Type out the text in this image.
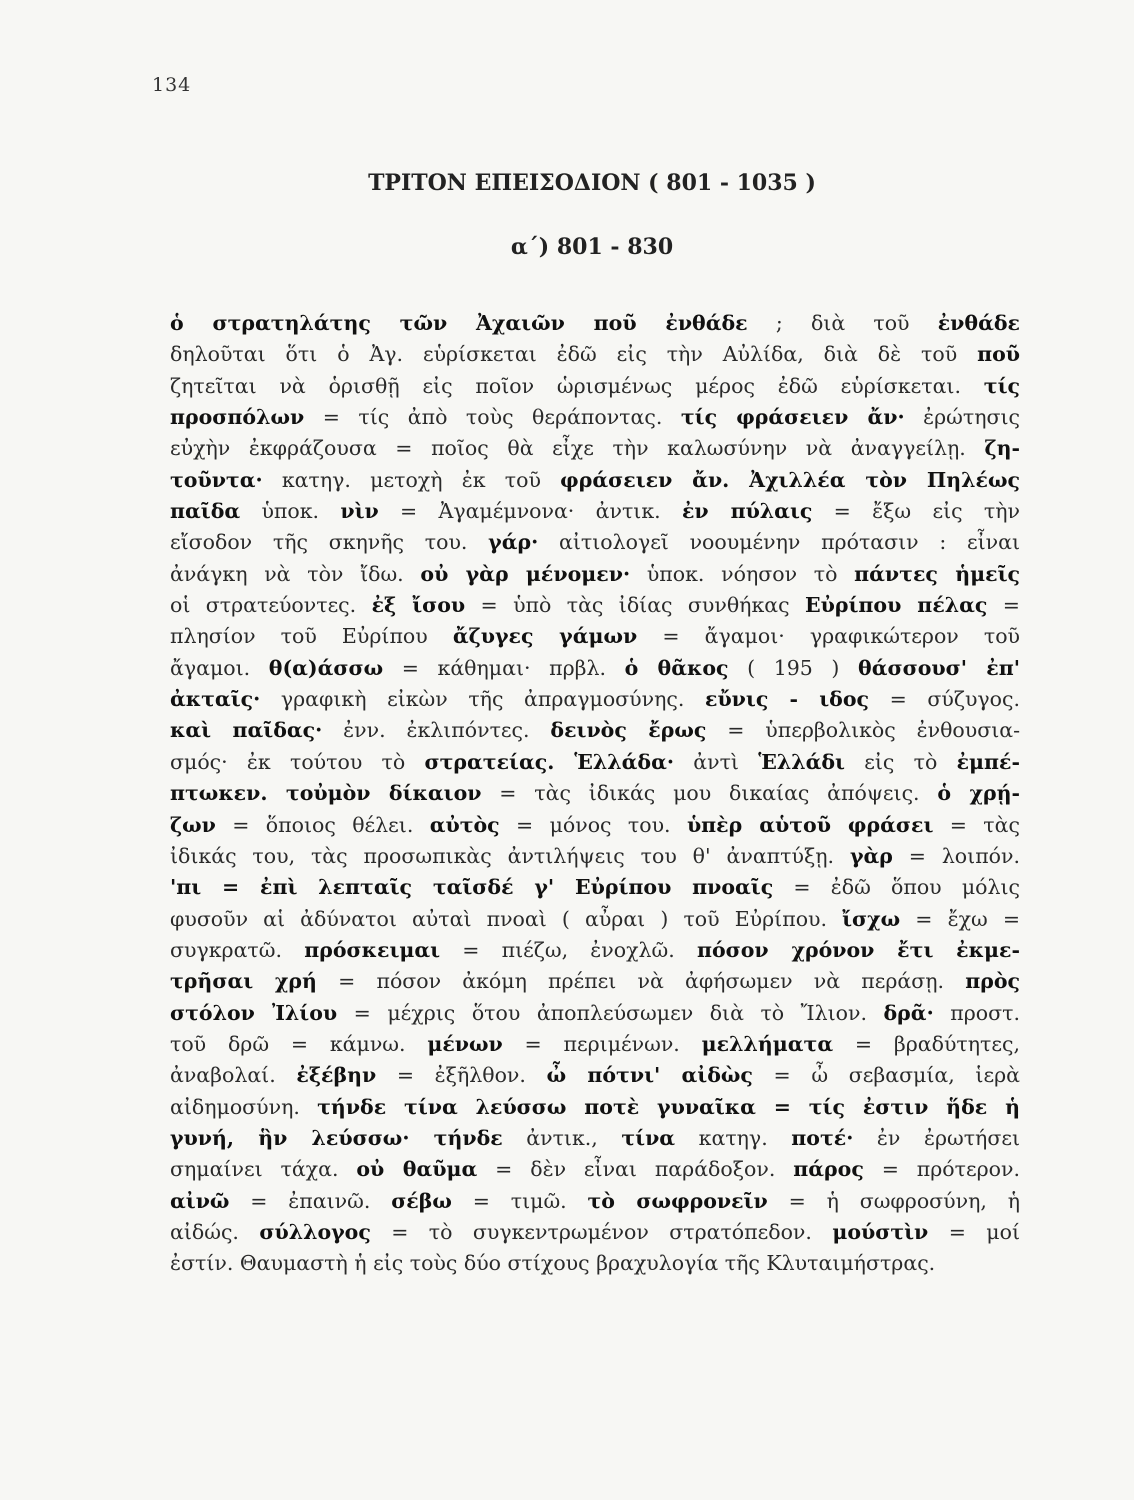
134
ΤΡΙΤΟΝ ΕΠΕΙΣΟΔΙΟΝ ( 801 - 1035 )
α΄) 801 - 830
ὁ στρατηλάτης τῶν Ἀχαιῶν ποῦ ἐνθάδε ; διὰ τοῦ ἐνθάδε
δηλοῦται ὅτι ὁ Ἀγ. εὑρίσκεται ἐδῶ εἰς τὴν Αὐλίδα, διὰ δὲ τοῦ ποῦ
ζητεῖται νὰ ὁρισθῇ εἰς ποῖον ὡρισμένως μέρος ἐδῶ εὑρίσκεται. τίς
προσπόλων = τίς ἀπὸ τοὺς θεράποντας. τίς φράσειεν ἄν· ἐρώτησις
εὐχὴν ἐκφράζουσα = ποῖος θὰ εἶχε τὴν καλωσύνην νὰ ἀναγγείλῃ. ζη-
τοῦντα· κατηγ. μετοχὴ ἐκ τοῦ φράσειεν ἄν. Ἀχιλλέα τὸν Πηλέως
παῖδα ὑποκ. νὶν = Ἀγαμέμνονα· ἀντικ. ἐν πύλαις = ἔξω εἰς τὴν
εἴσοδον τῆς σκηνῆς του. γάρ· αἰτιολογεῖ νοουμένην πρότασιν : εἶναι
ἀνάγκη νὰ τὸν ἴδω. οὐ γὰρ μένομεν· ὑποκ. νόησον τὸ πάντες ἡμεῖς
οἱ στρατεύοντες. ἐξ ἴσου = ὑπὸ τὰς ἰδίας συνθήκας Εὐρίπου πέλας =
πλησίον τοῦ Εὐρίπου ἄζυγες γάμων = ἄγαμοι· γραφικώτερον τοῦ
ἄγαμοι. θ(α)άσσω = κάθημαι· πρβλ. ὁ θᾶκος ( 195 ) θάσσουσ' ἐπ'
ἀκταῖς· γραφικὴ εἰκὼν τῆς ἀπραγμοσύνης. εὔνις - ιδος = σύζυγος.
καὶ παῖδας· ἐνν. ἐκλιπόντες. δεινὸς ἔρως = ὑπερβολικὸς ἐνθουσια-
σμός· ἐκ τούτου τὸ στρατείας. Ἑλλάδα· ἀντὶ Ἑλλάδι εἰς τὸ ἐμπέ-
πτωκεν. τοὐμὸν δίκαιον = τὰς ἰδικάς μου δικαίας ἀπόψεις. ὁ χρῄ-
ζων = ὅποιος θέλει. αὐτὸς = μόνος του. ὑπὲρ αὑτοῦ φράσει = τὰς
ἰδικάς του, τὰς προσωπικὰς ἀντιλήψεις του θ' ἀναπτύξῃ. γὰρ = λοιπόν.
'πι = ἐπὶ λεπταῖς ταῖσδέ γ' Εὐρίπου πνοαῖς = ἐδῶ ὅπου μόλις
φυσοῦν αἱ ἀδύνατοι αὐταὶ πνοαὶ ( αὖραι ) τοῦ Εὐρίπου. ἴσχω = ἔχω =
συγκρατῶ. πρόσκειμαι = πιέζω, ἐνοχλῶ. πόσον χρόνον ἔτι ἐκμε-
τρῆσαι χρή = πόσον ἀκόμη πρέπει νὰ ἀφήσωμεν νὰ περάσῃ. πρὸς
στόλον Ἰλίου = μέχρις ὅτου ἀποπλεύσωμεν διὰ τὸ Ἴλιον. δρᾶ· προστ.
τοῦ δρῶ = κάμνω. μένων = περιμένων. μελλήματα = βραδύτητες,
ἀναβολαί. ἐξέβην = ἐξῆλθον. ὦ πότνι' αἰδὼς = ὦ σεβασμία, ἱερὰ
αἰδημοσύνη. τήνδε τίνα λεύσσω ποτὲ γυναῖκα = τίς ἐστιν ἥδε ἡ
γυνή, ἣν λεύσσω· τήνδε ἀντικ., τίνα κατηγ. ποτέ· ἐν ἐρωτήσει
σημαίνει τάχα. οὐ θαῦμα = δὲν εἶναι παράδοξον. πάρος = πρότερον.
αἰνῶ = ἐπαινῶ. σέβω = τιμῶ. τὸ σωφρονεῖν = ἡ σωφροσύνη, ἡ
αἰδώς. σύλλογος = τὸ συγκεντρωμένον στρατόπεδον. μούστὶν = μοί
ἐστίν. Θαυμαστὴ ἡ εἰς τοὺς δύο στίχους βραχυλογία τῆς Κλυταιμήστρας.
